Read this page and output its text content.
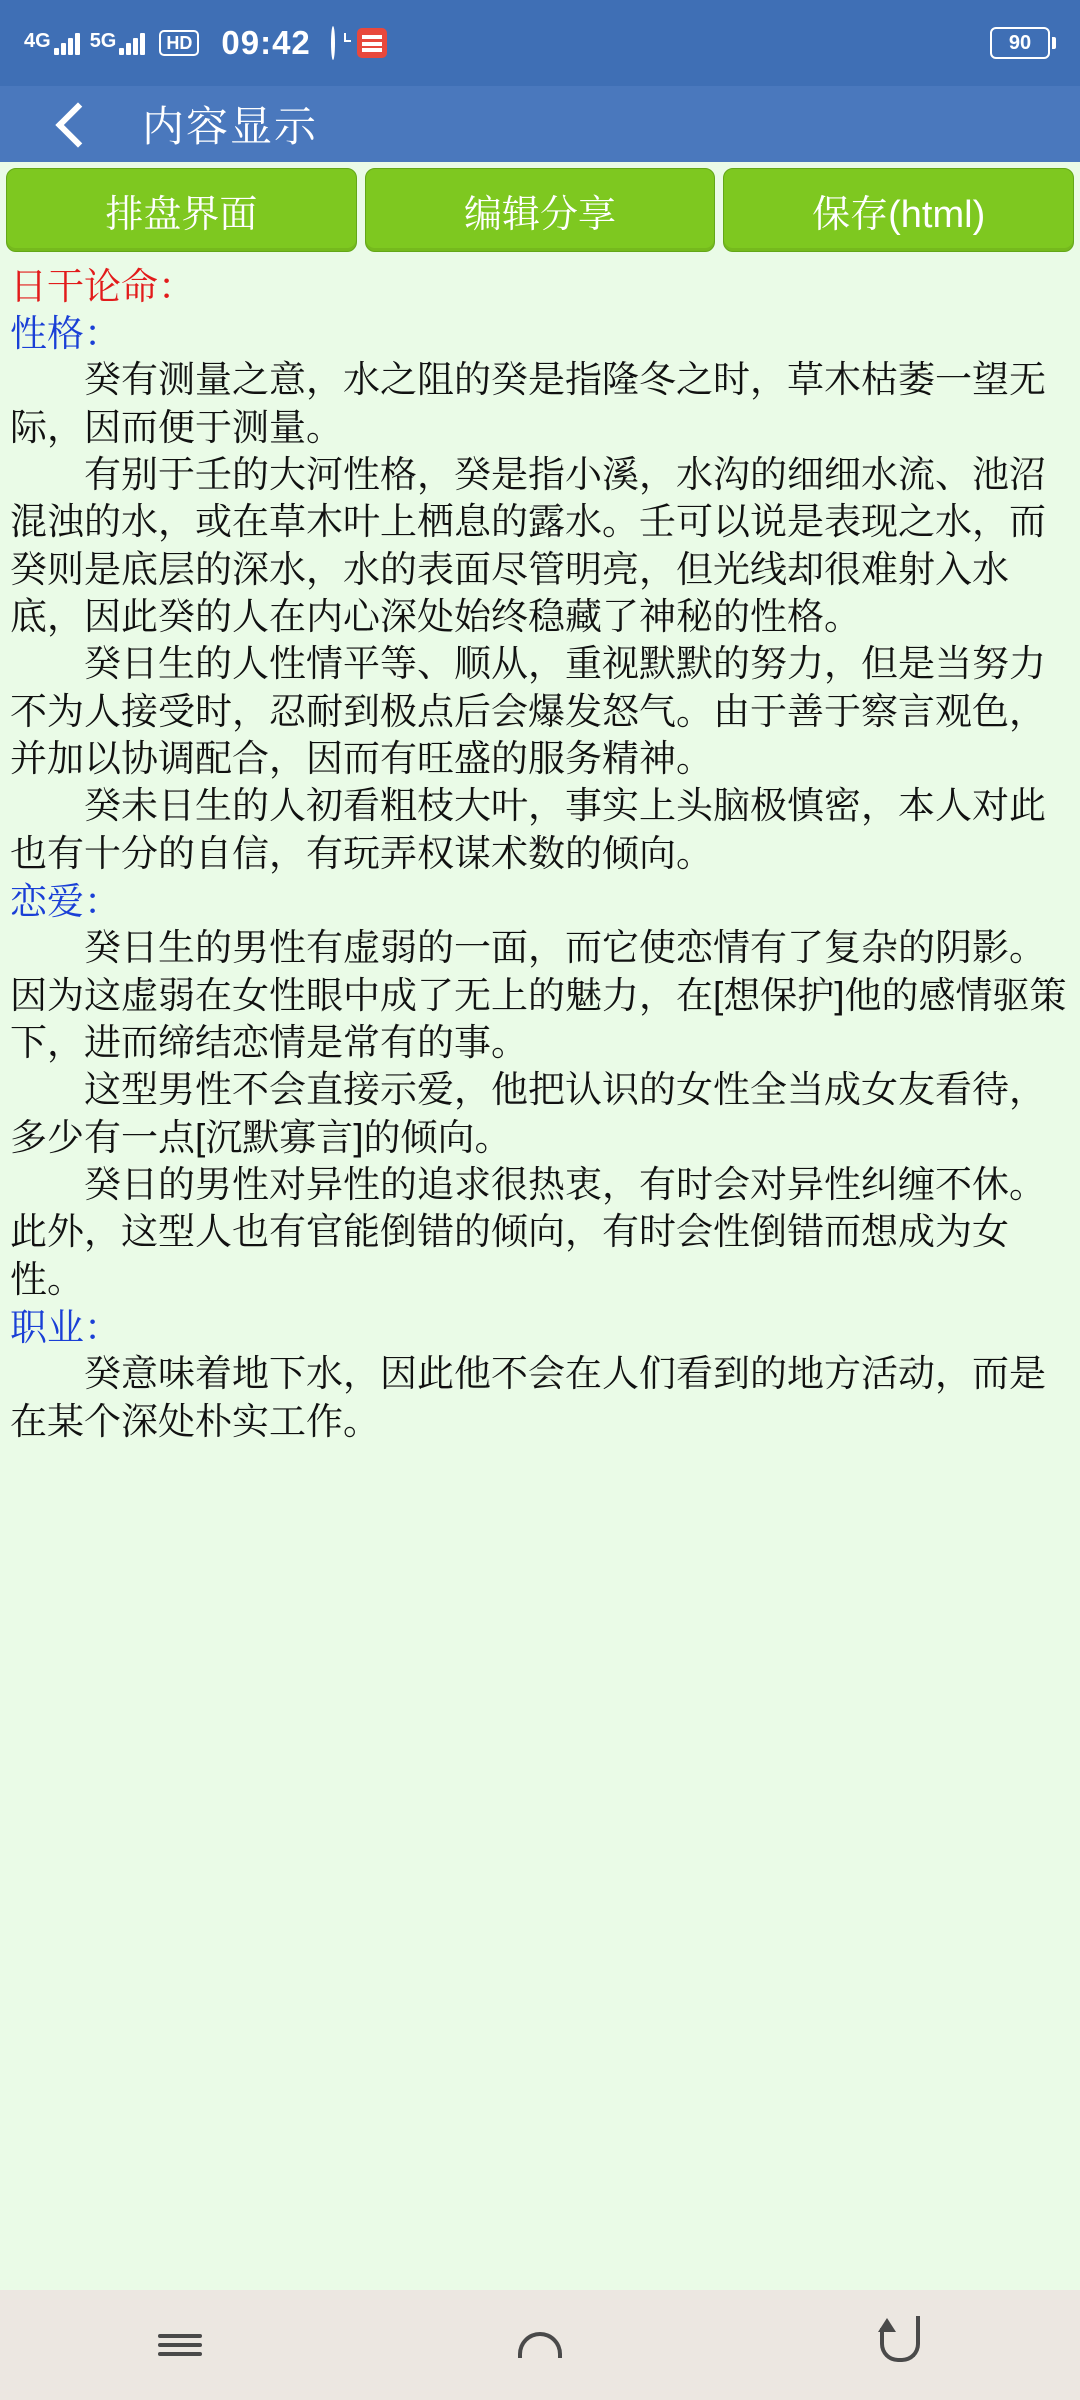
4G 5G	HD 09:42	90
内容显示
排盘界面	编辑分享	保存(html)
日干论命：
性格：
癸有测量之意，水之阻的癸是指隆冬之时，草木枯萎一望无际，因而便于测量。
有别于壬的大河性格，癸是指小溪，水沟的细细水流、池沼混浊的水，或在草木叶上栖息的露水。壬可以说是表现之水，而癸则是底层的深水，水的表面尽管明亮，但光线却很难射入水底，因此癸的人在内心深处始终稳藏了神秘的性格。
癸日生的人性情平等、顺从，重视默默的努力，但是当努力不为人接受时，忍耐到极点后会爆发怒气。由于善于察言观色，并加以协调配合，因而有旺盛的服务精神。
癸未日生的人初看粗枝大叶，事实上头脑极慎密，本人对此也有十分的自信，有玩弄权谋术数的倾向。
恋爱：
癸日生的男性有虚弱的一面，而它使恋情有了复杂的阴影。因为这虚弱在女性眼中成了无上的魅力，在[想保护]他的感情驱策下，进而缔结恋情是常有的事。
这型男性不会直接示爱，他把认识的女性全当成女友看待，多少有一点[沉默寡言]的倾向。
癸日的男性对异性的追求很热衷，有时会对异性纠缠不休。此外，这型人也有官能倒错的倾向，有时会性倒错而想成为女性。
职业：
癸意味着地下水，因此他不会在人们看到的地方活动，而是在某个深处朴实工作。
